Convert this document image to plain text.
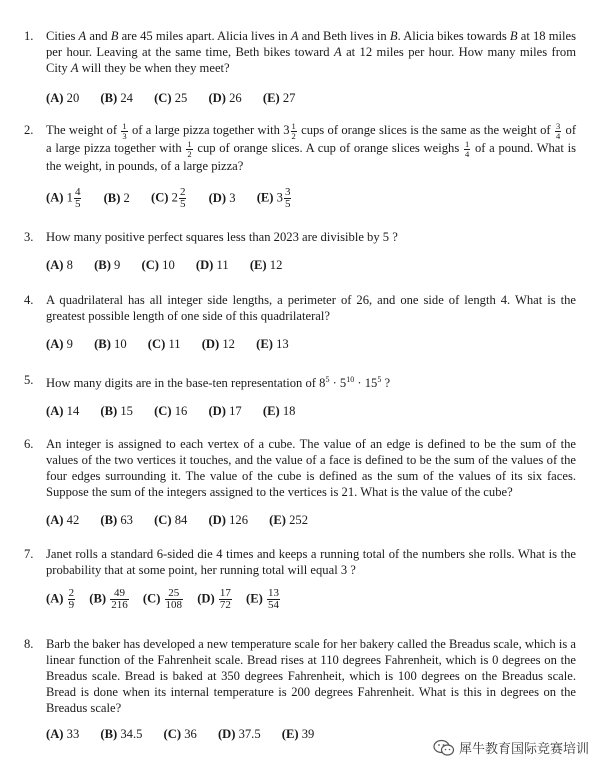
1. Cities A and B are 45 miles apart. Alicia lives in A and Beth lives in B. Alicia bikes towards B at 18 miles per hour. Leaving at the same time, Beth bikes toward A at 12 miles per hour. How many miles from City A will they be when they meet?
(A) 20 (B) 24 (C) 25 (D) 26 (E) 27
2. The weight of $\frac{1}{3}$ of a large pizza together with $3 \frac{1}{2}$ cups of orange slices is the same as the weight of $\frac{3}{4}$ of a large pizza together with $\frac{1}{2}$ cup of orange slices. A cup of orange slices weighs $\frac{1}{4}$ of a pound. What is the weight, in pounds, of a large pizza?
(A) $1 \frac{4}{5} (B)$ 2 (C) $2 \frac{2}{5} (D)$ 3 (E) $3 \frac{3}{5}$
3. How many positive perfect squares less than 2023 are divisible by 5 ?
(A) 8 (B) 9 (C) 10 (D) 11 (E) 12
4. A quadrilateral has all integer side lengths, a perimeter of 26, and one side of length 4. What is the greatest possible length of one side of this quadrilateral?
(A) 9 (B) 10 (C) 11 (D) 12 (E) 13
5. How many digits are in the base-ten representation of $8^5 \cdot 5^{10} \cdot 15^5$ ?
(A) 14 (B) 15 (C) 16 (D) 17 (E) 18
6. An integer is assigned to each vertex of a cube. The value of an edge is defined to be the sum of the values of the two vertices it touches, and the value of a face is defined to be the sum of the values of the four edges surrounding it. The value of the cube is defined as the sum of the values of its six faces. Suppose the sum of the integers assigned to the vertices is 21. What is the value of the cube?
(A) 42 (B) 63 (C) 84 (D) 126 (E) 252
7. Janet rolls a standard 6-sided die 4 times and keeps a running total of the numbers she rolls. What is the probability that at some point, her running total will equal 3 ?
$(A) \frac{2}{9} (B) \frac{49}{216} (C) \frac{25}{108} (D) \frac{17}{72} (E) \frac{13}{54}$
8. Barb the baker has developed a new temperature scale for her bakery called the Breadus scale, which is a linear function of the Fahrenheit scale. Bread rises at 110 degrees Fahrenheit, which is 0 degrees on the Breadus scale. Bread is baked at 350 degrees Fahrenheit, which is 100 degrees on the Breadus scale. Bread is done when its internal temperature is 200 degrees Fahrenheit. What is this in degrees on the Breadus scale?
(A) 33 (B) 34.5 (C) 36 (D) 37.5 (E) 39
犀牛教育国际竞赛培训
